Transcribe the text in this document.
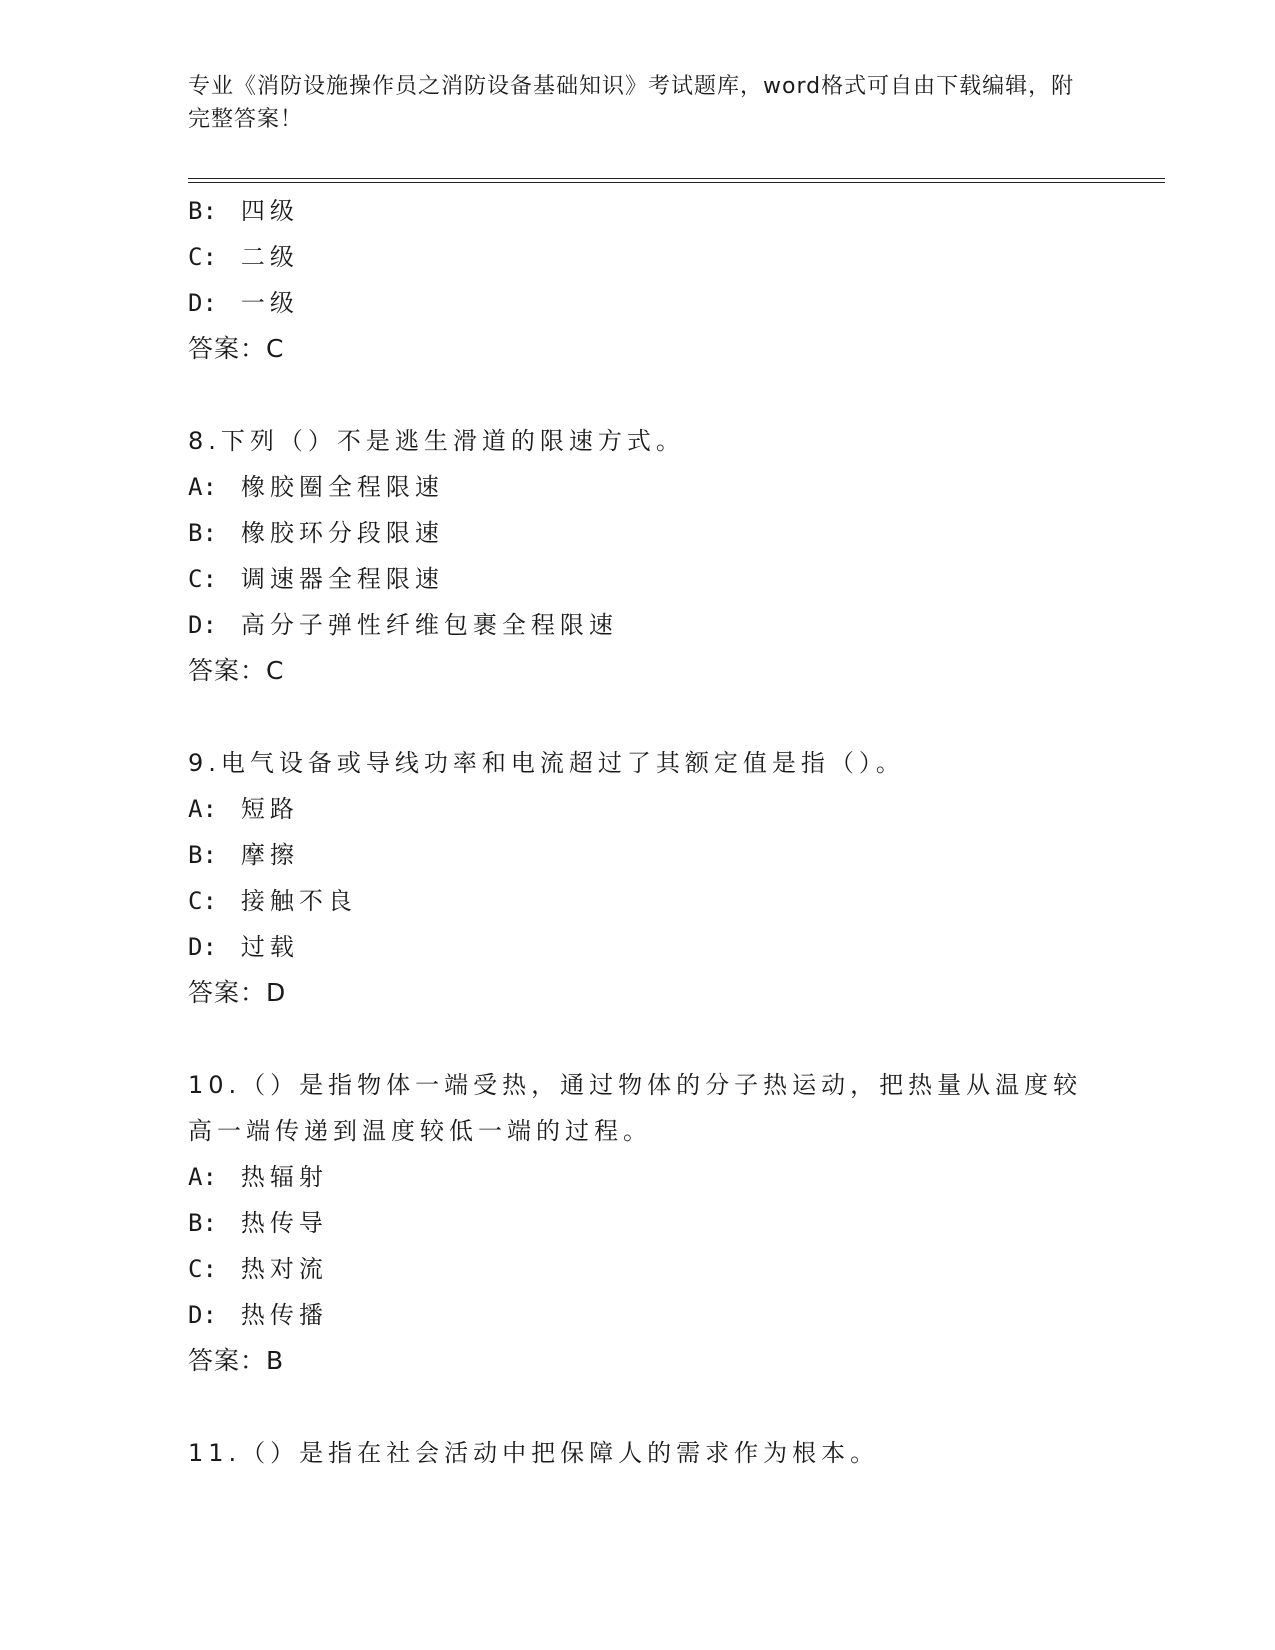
专业《消防设施操作员之消防设备基础知识》考试题库，word格式可自由下载编辑，附完整答案！
B: 四级
C: 二级
D: 一级
答案：C
8.下列（）不是逃生滑道的限速方式。
A: 橡胶圈全程限速
B: 橡胶环分段限速
C: 调速器全程限速
D: 高分子弹性纤维包裹全程限速
答案：C
9.电气设备或导线功率和电流超过了其额定值是指（）。
A: 短路
B: 摩擦
C: 接触不良
D: 过载
答案：D
10.（）是指物体一端受热，通过物体的分子热运动，把热量从温度较高一端传递到温度较低一端的过程。
A: 热辐射
B: 热传导
C: 热对流
D: 热传播
答案：B
11.（）是指在社会活动中把保障人的需求作为根本。
